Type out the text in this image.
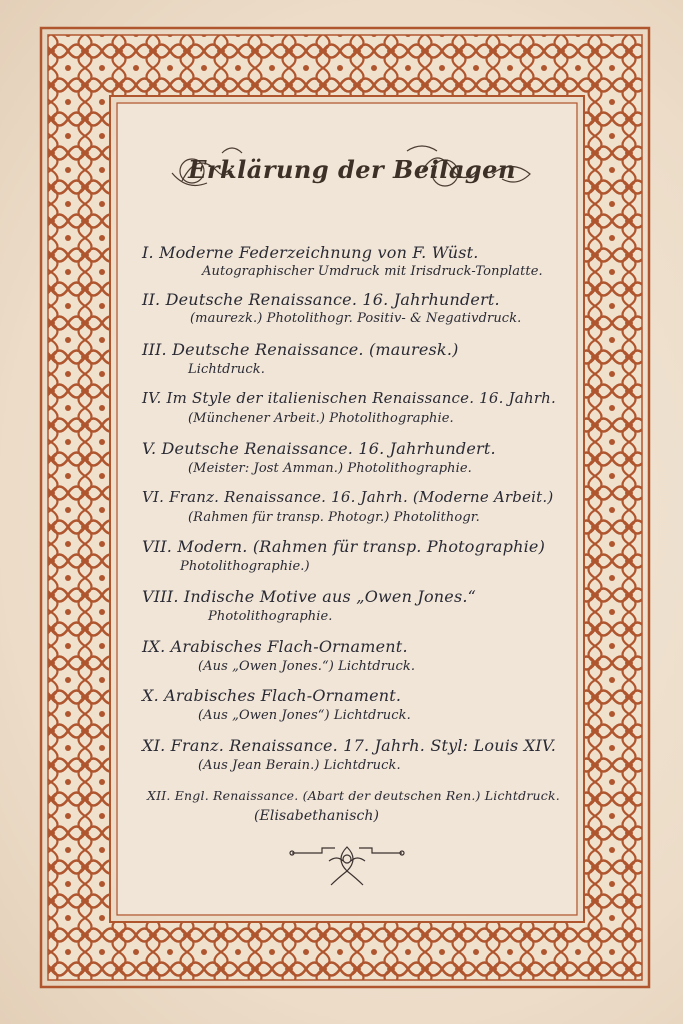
Erklärung der Beilagen
I. Moderne Federzeichnung von F. Wüst.
Autographischer Umdruck mit Irisdruck-Tonplatte.
II. Deutsche Renaissance. 16. Jahrhundert.
(maurezk.) Photolithogr. Positiv- & Negativdruck.
III. Deutsche Renaissance. (mauresk.)
Lichtdruck.
IV. Im Style der italienischen Renaissance. 16. Jahrh.
(Münchener Arbeit.) Photolithographie.
V. Deutsche Renaissance. 16. Jahrhundert.
(Meister: Jost Amman.) Photolithographie.
VI. Franz. Renaissance. 16. Jahrh. (Moderne Arbeit.)
(Rahmen für transp. Photogr.) Photolithogr.
VII. Modern. (Rahmen für transp. Photographie)
Photolithographie.)
VIII. Indische Motive aus „Owen Jones.“
Photolithographie.
IX. Arabisches Flach-Ornament.
(Aus „Owen Jones.“) Lichtdruck.
X. Arabisches Flach-Ornament.
(Aus „Owen Jones“) Lichtdruck.
XI. Franz. Renaissance. 17. Jahrh. Styl: Louis XIV.
(Aus Jean Berain.) Lichtdruck.
XII. Engl. Renaissance. (Abart der deutschen Ren.) Lichtdruck.
(Elisabethanisch)
